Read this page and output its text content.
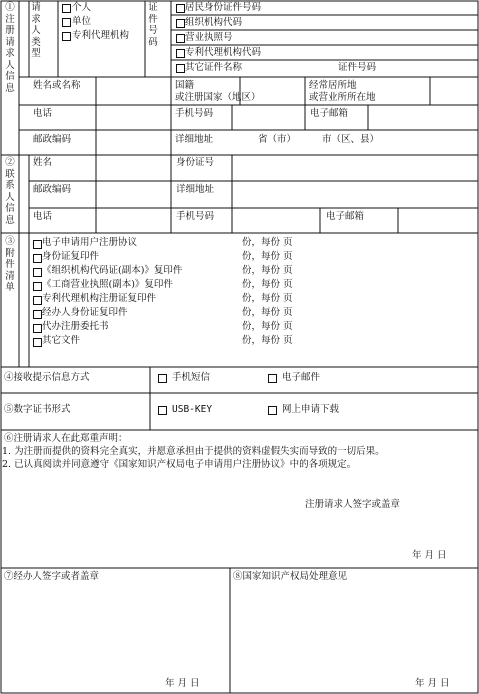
①注册请求人信息
请求人类型
个人
单位
专利代理机构
证件号码
居民身份证件号码
组织机构代码
营业执照号
专利代理机构代码
其它证件名称	证件号码
姓名或名称	国籍
或注册国家（地区）
经常居所地
或营业所所在地
电话	手机号码	电子邮箱
邮政编码	详细地址	省（市）	市（区、县）
②联系人信息
姓名	身份证号
邮政编码	详细地址
电话	手机号码	电子邮箱
③附件清单
电子申请用户注册协议	份，每份 页
身份证复印件	份，每份 页
《组织机构代码证(副本)》复印件	份，每份 页
《工商营业执照(副本)》复印件	份，每份 页
专利代理机构注册证复印件	份，每份 页
经办人身份证复印件	份，每份 页
代办注册委托书	份，每份 页
其它文件	份，每份 页
④接收提示信息方式	手机短信	电子邮件
⑤数字证书形式	USB-KEY	网上申请下载
⑥注册请求人在此郑重声明：
1. 为注册而提供的资料完全真实，并愿意承担由于提供的资料虚假失实而导致的一切后果。
2. 已认真阅读并同意遵守《国家知识产权局电子申请用户注册协议》中的各项规定。
注册请求人签字或盖章
年 月 日
⑦经办人签字或者盖章
年 月 日
⑧国家知识产权局处理意见
年 月 日
